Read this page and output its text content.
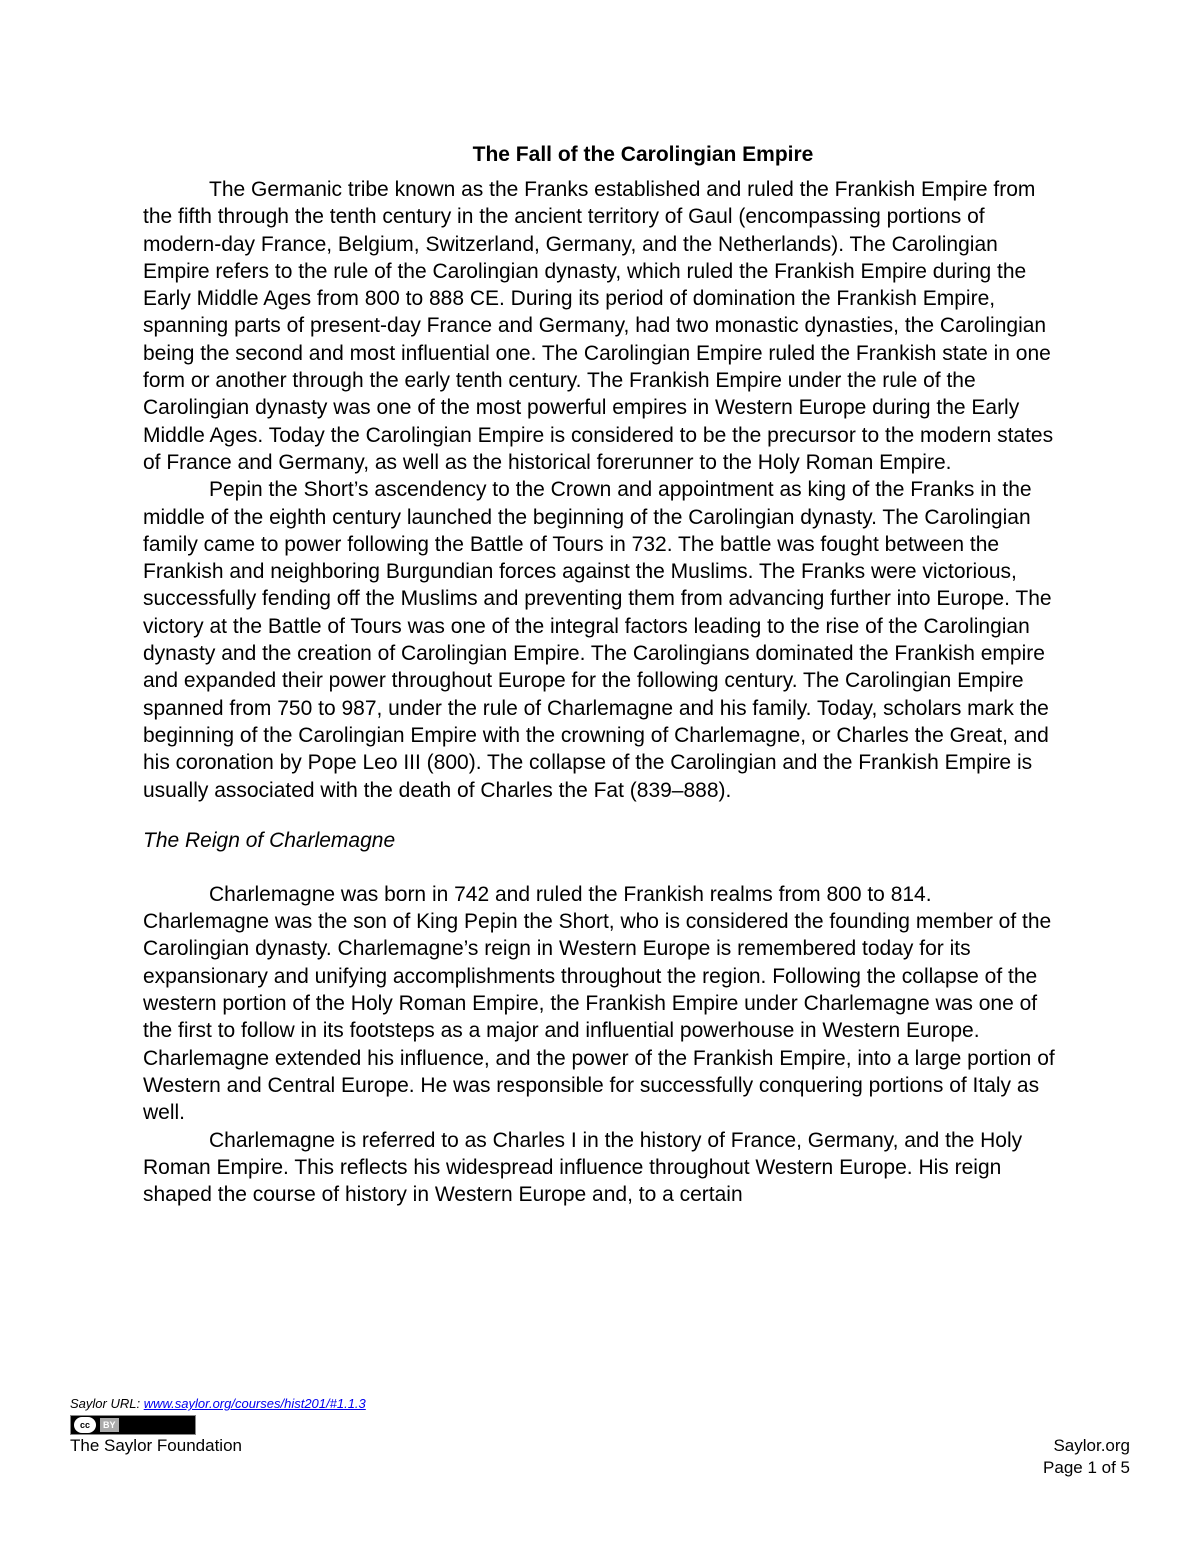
The Fall of the Carolingian Empire

The Germanic tribe known as the Franks established and ruled the Frankish Empire from the fifth through the tenth century in the ancient territory of Gaul (encompassing portions of modern-day France, Belgium, Switzerland, Germany, and the Netherlands). The Carolingian Empire refers to the rule of the Carolingian dynasty, which ruled the Frankish Empire during the Early Middle Ages from 800 to 888 CE. During its period of domination the Frankish Empire, spanning parts of present-day France and Germany, had two monastic dynasties, the Carolingian being the second and most influential one. The Carolingian Empire ruled the Frankish state in one form or another through the early tenth century. The Frankish Empire under the rule of the Carolingian dynasty was one of the most powerful empires in Western Europe during the Early Middle Ages. Today the Carolingian Empire is considered to be the precursor to the modern states of France and Germany, as well as the historical forerunner to the Holy Roman Empire.

Pepin the Short’s ascendency to the Crown and appointment as king of the Franks in the middle of the eighth century launched the beginning of the Carolingian dynasty. The Carolingian family came to power following the Battle of Tours in 732. The battle was fought between the Frankish and neighboring Burgundian forces against the Muslims. The Franks were victorious, successfully fending off the Muslims and preventing them from advancing further into Europe. The victory at the Battle of Tours was one of the integral factors leading to the rise of the Carolingian dynasty and the creation of Carolingian Empire. The Carolingians dominated the Frankish empire and expanded their power throughout Europe for the following century. The Carolingian Empire spanned from 750 to 987, under the rule of Charlemagne and his family. Today, scholars mark the beginning of the Carolingian Empire with the crowning of Charlemagne, or Charles the Great, and his coronation by Pope Leo III (800). The collapse of the Carolingian and the Frankish Empire is usually associated with the death of Charles the Fat (839–888).

The Reign of Charlemagne

Charlemagne was born in 742 and ruled the Frankish realms from 800 to 814. Charlemagne was the son of King Pepin the Short, who is considered the founding member of the Carolingian dynasty. Charlemagne’s reign in Western Europe is remembered today for its expansionary and unifying accomplishments throughout the region. Following the collapse of the western portion of the Holy Roman Empire, the Frankish Empire under Charlemagne was one of the first to follow in its footsteps as a major and influential powerhouse in Western Europe. Charlemagne extended his influence, and the power of the Frankish Empire, into a large portion of Western and Central Europe. He was responsible for successfully conquering portions of Italy as well.

Charlemagne is referred to as Charles I in the history of France, Germany, and the Holy Roman Empire. This reflects his widespread influence throughout Western Europe. His reign shaped the course of history in Western Europe and, to a certain

Saylor URL: www.saylor.org/courses/hist201/#1.1.3
cc	BY
The Saylor Foundation	Saylor.org
Page 1 of 5
